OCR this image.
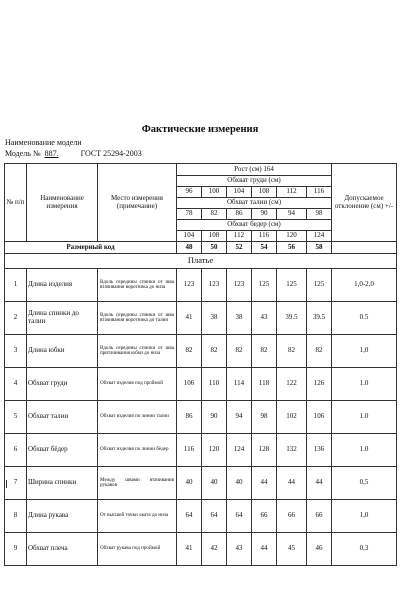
Фактические измерения
Наименование модели
Модель № 887.	ГОСТ 25294-2003
№ п/п	Наименование измерения	Место измерения (примечание)	Рост (см) 164						Допускаемое отклонение (см) +/-
			Обхват груди (см)						
			96	100	104	108	112	116	
			Обхват талии (см)						
			78	82	86	90	94	98	
			Обхват бедер (см)						
			104	108	112	116	120	124	
Размерный код			48	50	52	54	56	58	
Платье									
1	Длина изделия	Вдоль середины спинки от шва втачивания воротника до низа	123	123	123	125	125	125	1,0-2,0
2	Длина спинки до талии	Вдоль середины спинки от шва втачивания воротника до талии	41	38	38	43	39.5	39.5	0.5
3	Длина юбки	Вдоль середины спинки от шва притачивания юбки до низа	82	82	82	82	82	82	1,0
4	Обхват груди	Обхват изделия под проймой	106	110	114	118	122	126	1.0
5	Обхват талии	Обхват изделия по линии талии	86	90	94	98	102	106	1.0
6	Обхват бёдер	Обхват изделия по линии бёдер	116	120	124	128	132	136	1.0
7	Ширина спинки	Между швами втачивания рукавов	40	40	40	44	44	44	0,5
8	Длина рукава	От высшей точки оката до низа	64	64	64	66	66	66	1,0
9	Обхват плеча	Обхват рукава под проймой	41	42	43	44	45	46	0,3
